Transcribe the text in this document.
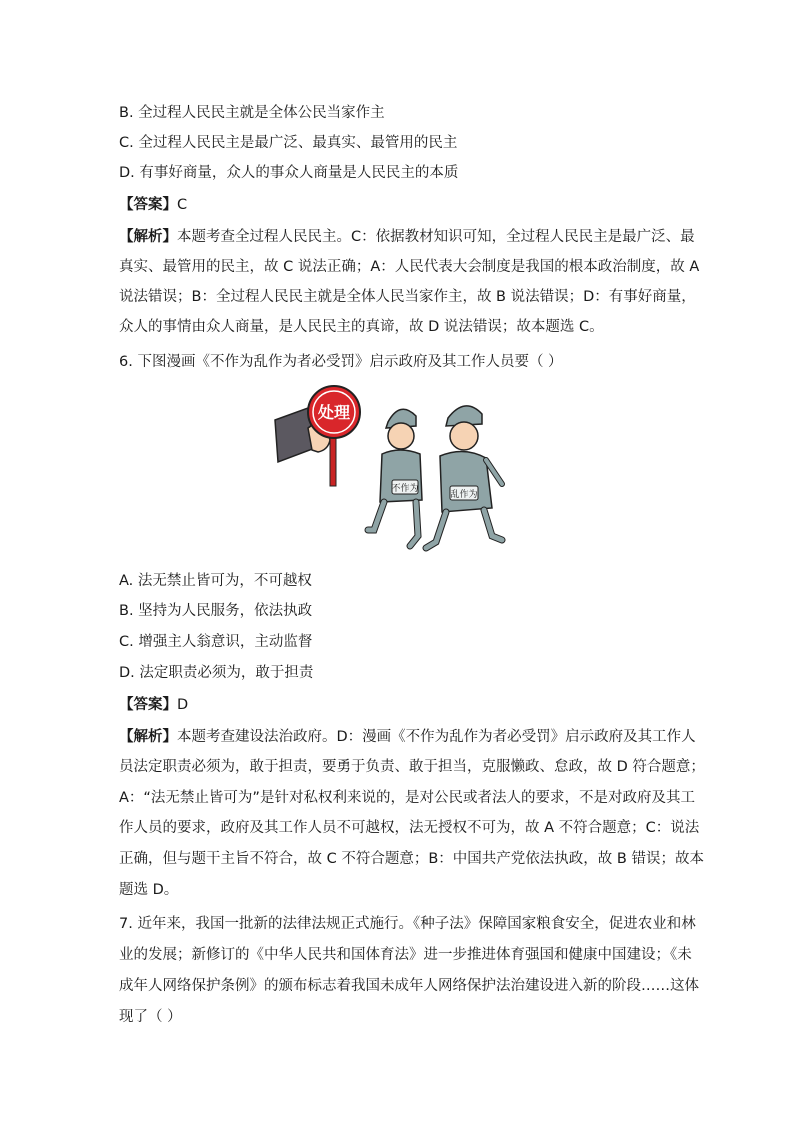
B. 全过程人民民主就是全体公民当家作主
C. 全过程人民民主是最广泛、最真实、最管用的民主
D. 有事好商量，众人的事众人商量是人民民主的本质
【答案】C
【解析】本题考查全过程人民民主。C：依据教材知识可知，全过程人民民主是最广泛、最
真实、最管用的民主，故 C 说法正确；A：人民代表大会制度是我国的根本政治制度，故 A
说法错误；B：全过程人民民主就是全体人民当家作主，故 B 说法错误；D：有事好商量，
众人的事情由众人商量，是人民民主的真谛，故 D 说法错误；故本题选 C。
6. 下图漫画《不作为乱作为者必受罚》启示政府及其工作人员要（ ）
处理
不作为
乱作为
A. 法无禁止皆可为，不可越权
B. 坚持为人民服务，依法执政
C. 增强主人翁意识，主动监督
D. 法定职责必须为，敢于担责
【答案】D
【解析】本题考查建设法治政府。D：漫画《不作为乱作为者必受罚》启示政府及其工作人
员法定职责必须为，敢于担责，要勇于负责、敢于担当，克服懒政、怠政，故 D 符合题意；
A：“法无禁止皆可为”是针对私权利来说的，是对公民或者法人的要求，不是对政府及其工
作人员的要求，政府及其工作人员不可越权，法无授权不可为，故 A 不符合题意；C：说法
正确，但与题干主旨不符合，故 C 不符合题意；B：中国共产党依法执政，故 B 错误；故本
题选 D。
7. 近年来，我国一批新的法律法规正式施行。《种子法》保障国家粮食安全，促进农业和林
业的发展；新修订的《中华人民共和国体育法》进一步推进体育强国和健康中国建设；《未
成年人网络保护条例》的颁布标志着我国未成年人网络保护法治建设进入新的阶段……这体
现了（ ）
